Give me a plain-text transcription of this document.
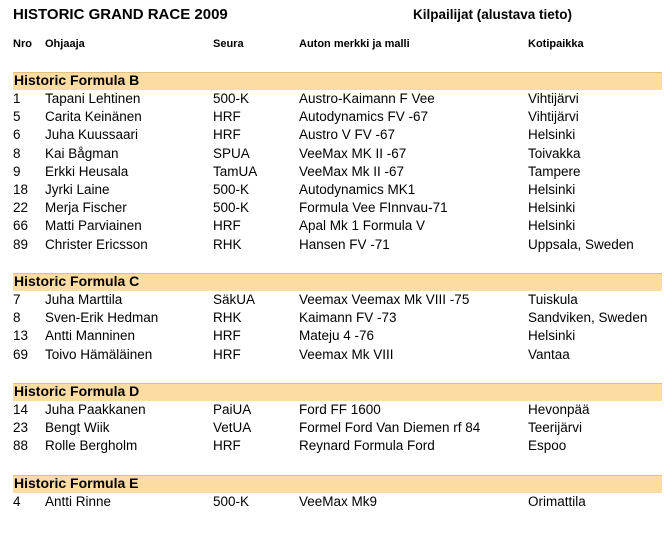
HISTORIC GRAND RACE 2009	Kilpailijat (alustava tieto)
Nro Ohjaaja	Seura	Auton merkki ja malli	Kotipaikka
Historic Formula B
1 Tapani Lehtinen	500-K	Austro-Kaimann F Vee	Vihtijärvi
5 Carita Keinänen	HRF	Autodynamics FV -67	Vihtijärvi
6 Juha Kuussaari	HRF	Austro V FV -67	Helsinki
8 Kai Bågman	SPUA	VeeMax MK II -67	Toivakka
9 Erkki Heusala	TamUA	VeeMax Mk II -67	Tampere
18 Jyrki Laine	500-K	Autodynamics MK1	Helsinki
22 Merja Fischer	500-K	Formula Vee FInnvau-71	Helsinki
66 Matti Parviainen	HRF	Apal Mk 1 Formula V	Helsinki
89 Christer Ericsson	RHK	Hansen FV -71	Uppsala, Sweden
Historic Formula C
7 Juha Marttila	SäkUA	Veemax Veemax Mk VIII -75	Tuiskula
8 Sven-Erik Hedman	RHK	Kaimann FV -73	Sandviken, Sweden
13 Antti Manninen	HRF	Mateju 4 -76	Helsinki
69 Toivo Hämäläinen	HRF	Veemax Mk VIII	Vantaa
Historic Formula D
14 Juha Paakkanen	PaiUA	Ford FF 1600	Hevonpää
23 Bengt Wiik	VetUA	Formel Ford Van Diemen rf 84	Teerijärvi
88 Rolle Bergholm	HRF	Reynard Formula Ford	Espoo
Historic Formula E
4 Antti Rinne	500-K	VeeMax Mk9	Orimattila
